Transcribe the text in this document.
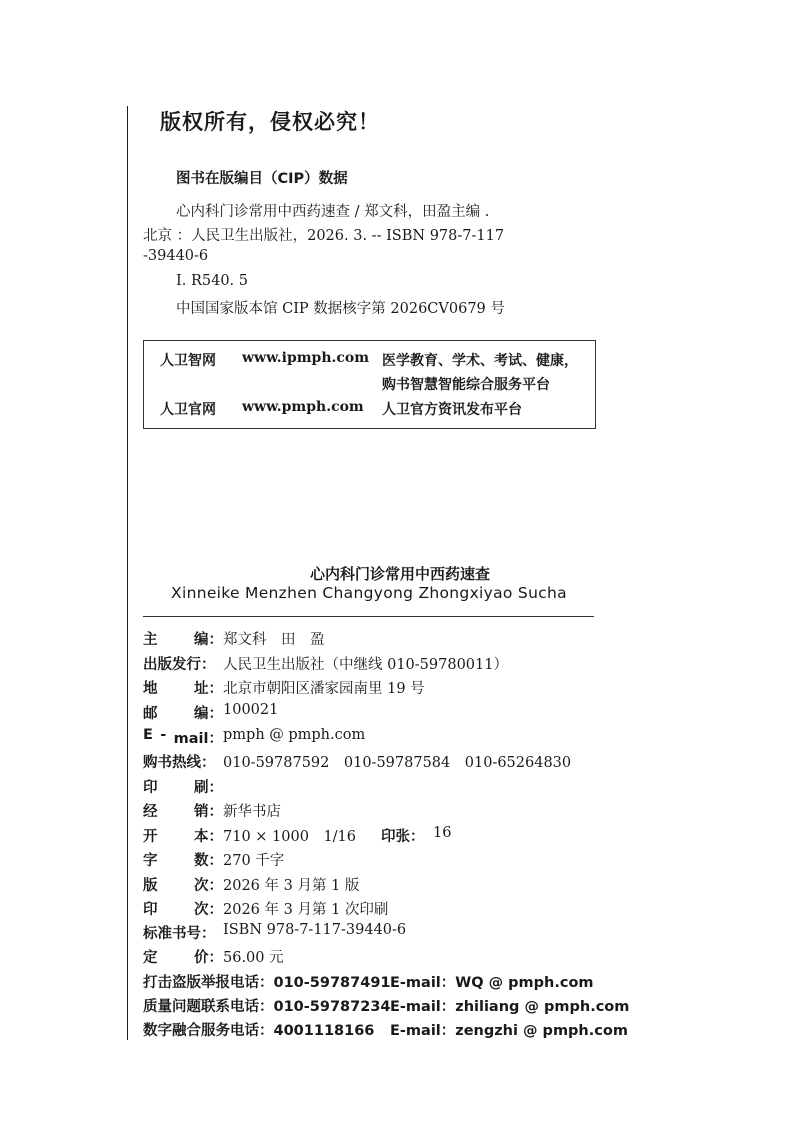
版权所有，侵权必究！
图书在版编目（CIP）数据
心内科门诊常用中西药速查 / 郑文科，田盈主编 .
北京 ：人民卫生出版社，2026. 3. -- ISBN 978-7-117
-39440-6
Ⅰ. R540. 5
中国国家版本馆 CIP 数据核字第 2026CV0679 号
人卫智网 www.ipmph.com 医学教育、学术、考试、健康，
购书智慧智能综合服务平台
人卫官网 www.pmph.com 人卫官方资讯发布平台
心内科门诊常用中西药速查
Xinneike Menzhen Changyong Zhongxiyao Sucha
主	编： 郑文科　田　盈
出版发行： 人民卫生出版社（中继线 010-59780011）
地	址： 北京市朝阳区潘家园南里 19 号
邮	编： 100021
E - mail： pmph @ pmph.com
购书热线： 010-59787592　010-59787584　010-65264830
印	刷：
经	销： 新华书店
开	本： 710 × 1000　1/16 印张： 16
字	数： 270 千字
版	次： 2026 年 3 月第 1 版
印	次： 2026 年 3 月第 1 次印刷
标准书号： ISBN 978-7-117-39440-6
定	价： 56.00 元
打击盗版举报电话：010-59787491 E-mail：WQ @ pmph.com
质量问题联系电话：010-59787234 E-mail：zhiliang @ pmph.com
数字融合服务电话：4001118166 E-mail：zengzhi @ pmph.com
